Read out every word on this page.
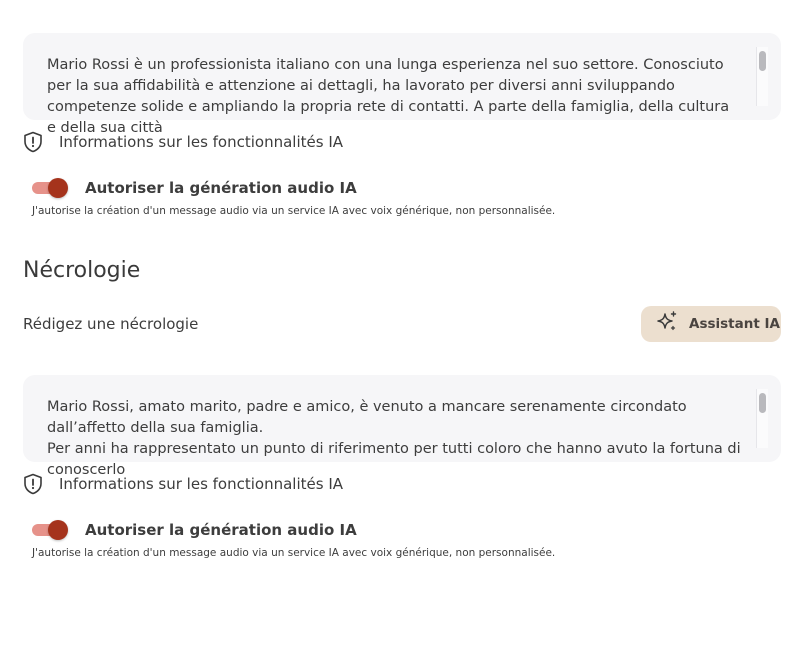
Mario Rossi è un professionista italiano con una lunga esperienza nel suo settore. Conosciuto per la sua affidabilità e attenzione ai dettagli, ha lavorato per diversi anni sviluppando competenze solide e ampliando la propria rete di contatti. A parte della famiglia, della cultura e della sua città
Informations sur les fonctionnalités IA
Autoriser la génération audio IA
J'autorise la création d'un message audio via un service IA avec voix générique, non personnalisée.
Nécrologie
Rédigez une nécrologie	Assistant IA
Mario Rossi, amato marito, padre e amico, è venuto a mancare serenamente circondato dall’affetto della sua famiglia.
Per anni ha rappresentato un punto di riferimento per tutti coloro che hanno avuto la fortuna di conoscerlo
Informations sur les fonctionnalités IA
Autoriser la génération audio IA
J'autorise la création d'un message audio via un service IA avec voix générique, non personnalisée.
